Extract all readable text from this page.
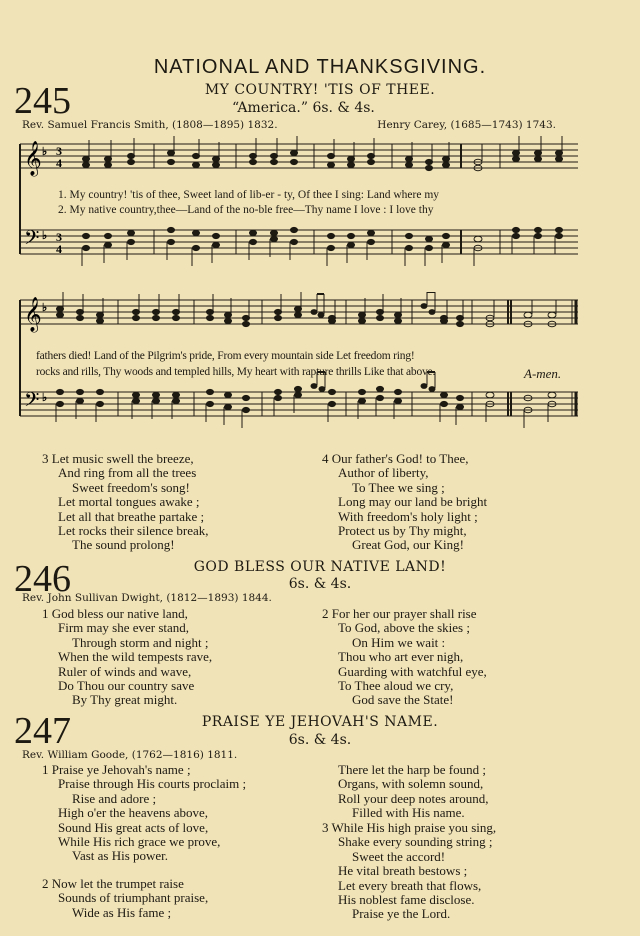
NATIONAL AND THANKSGIVING.
245	MY COUNTRY! 'TIS OF THEE.
“America.” 6s. & 4s.
Rev. Samuel Francis Smith, (1808—1895) 1832.	Henry Carey, (1685—1743) 1743.
𝄞
𝄢
♭
♭
3
4
3
4
1. My country! 'tis of thee, Sweet land of lib-er - ty, Of thee I sing: Land where my
2. My native country,thee—Land of the no-ble free—Thy name I love : I love thy
𝄞
𝄢
♭
♭
fathers died! Land of the Pilgrim's pride, From every mountain side Let freedom ring!
rocks and rills, Thy woods and templed hills, My heart with rapture thrills Like that above.	A-men.
3 Let music swell the breeze,
And ring from all the trees
Sweet freedom's song!
Let mortal tongues awake ;
Let all that breathe partake ;
Let rocks their silence break,
The sound prolong!
4 Our father's God! to Thee,
Author of liberty,
To Thee we sing ;
Long may our land be bright
With freedom's holy light ;
Protect us by Thy might,
Great God, our King!
246	GOD BLESS OUR NATIVE LAND!
6s. & 4s.
Rev. John Sullivan Dwight, (1812—1893) 1844.
1 God bless our native land,
Firm may she ever stand,
Through storm and night ;
When the wild tempests rave,
Ruler of winds and wave,
Do Thou our country save
By Thy great might.
2 For her our prayer shall rise
To God, above the skies ;
On Him we wait :
Thou who art ever nigh,
Guarding with watchful eye,
To Thee aloud we cry,
God save the State!
247	PRAISE YE JEHOVAH'S NAME.
6s. & 4s.
Rev. William Goode, (1762—1816) 1811.
1 Praise ye Jehovah's name ;
Praise through His courts proclaim ;
Rise and adore ;
High o'er the heavens above,
Sound His great acts of love,
While His rich grace we prove,
Vast as His power.
2 Now let the trumpet raise
Sounds of triumphant praise,
Wide as His fame ;
There let the harp be found ;
Organs, with solemn sound,
Roll your deep notes around,
Filled with His name.
3 While His high praise you sing,
Shake every sounding string ;
Sweet the accord!
He vital breath bestows ;
Let every breath that flows,
His noblest fame disclose.
Praise ye the Lord.
